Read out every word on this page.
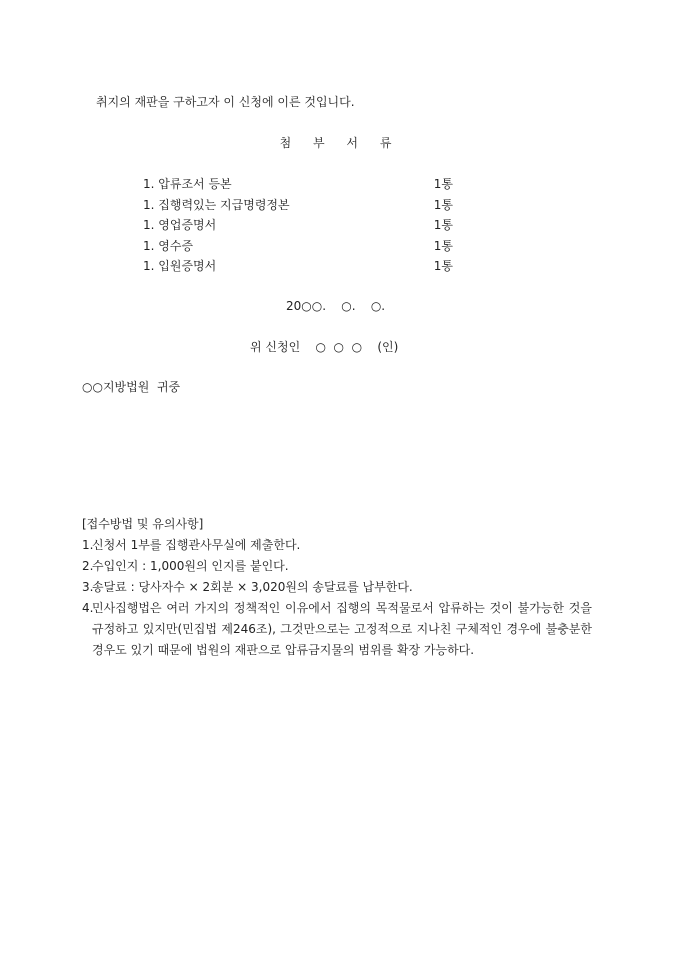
취지의 재판을 구하고자 이 신청에 이른 것입니다.
첨 부 서 류
1. 압류조서 등본	1통
1. 집행력있는 지급명령정본	1통
1. 영업증명서	1통
1. 영수증	1통
1. 입원증명서	1통
20○○.    ○.    ○.
위 신청인    ○  ○  ○    (인)
○○지방법원  귀중
[접수방법 및 유의사항]
1.
신청서 1부를 집행관사무실에 제출한다.
2.
수입인지 : 1,000원의 인지를 붙인다.
3.
송달료 : 당사자수 × 2회분 × 3,020원의 송달료를 납부한다.
4.
민사집행법은 여러 가지의 정책적인 이유에서 집행의 목적물로서 압류하는 것이 불가능한 것을 규정하고 있지만(민집법 제246조), 그것만으로는 고정적으로 지나친 구체적인 경우에 불충분한 경우도 있기 때문에 법원의 재판으로 압류금지물의 범위를 확장 가능하다.
